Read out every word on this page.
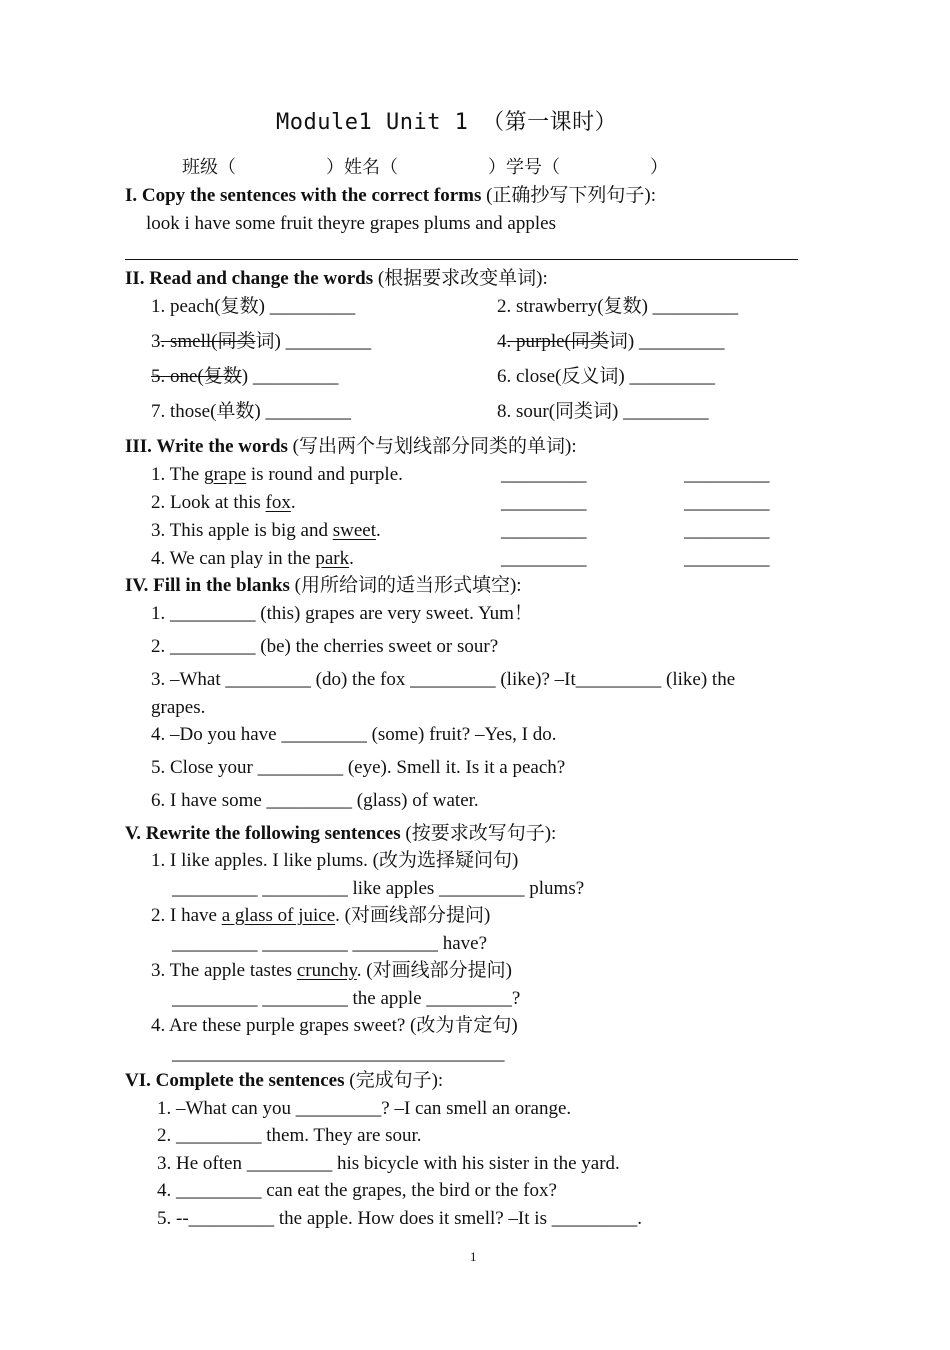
Module1 Unit 1 （第一课时）
班级（　　　　　）姓名（　　　　　）学号（　　　　　）
I. Copy the sentences with the correct forms (正确抄写下列句子):
look i have some fruit theyre grapes plums and apples
II. Read and change the words (根据要求改变单词):
1. peach(复数) _________	2. strawberry(复数) _________
3. smell(同类词) _________	4. purple(同类词) _________
5. one(复数) _________	6. close(反义词) _________
7. those(单数) _________	8. sour(同类词) _________
III. Write the words (写出两个与划线部分同类的单词):
1. The grape is round and purple.	_________	_________
2. Look at this fox.	_________	_________
3. This apple is big and sweet.	_________	_________
4. We can play in the park.	_________	_________
IV. Fill in the blanks (用所给词的适当形式填空):
1. _________ (this) grapes are very sweet. Yum！
2. _________ (be) the cherries sweet or sour?
3. –What _________ (do) the fox _________ (like)? –It_________ (like) the
grapes.
4. –Do you have _________ (some) fruit? –Yes, I do.
5. Close your _________ (eye). Smell it. Is it a peach?
6. I have some _________ (glass) of water.
V. Rewrite the following sentences (按要求改写句子):
1. I like apples. I like plums. (改为选择疑问句)
_________ _________ like apples _________ plums?
2. I have a glass of juice. (对画线部分提问)
_________ _________ _________ have?
3. The apple tastes crunchy. (对画线部分提问)
_________ _________ the apple _________?
4. Are these purple grapes sweet? (改为肯定句)
___________________________________
VI. Complete the sentences (完成句子):
1. –What can you _________? –I can smell an orange.
2. _________ them. They are sour.
3. He often _________ his bicycle with his sister in the yard.
4. _________ can eat the grapes, the bird or the fox?
5. --_________ the apple. How does it smell? –It is _________.
1
